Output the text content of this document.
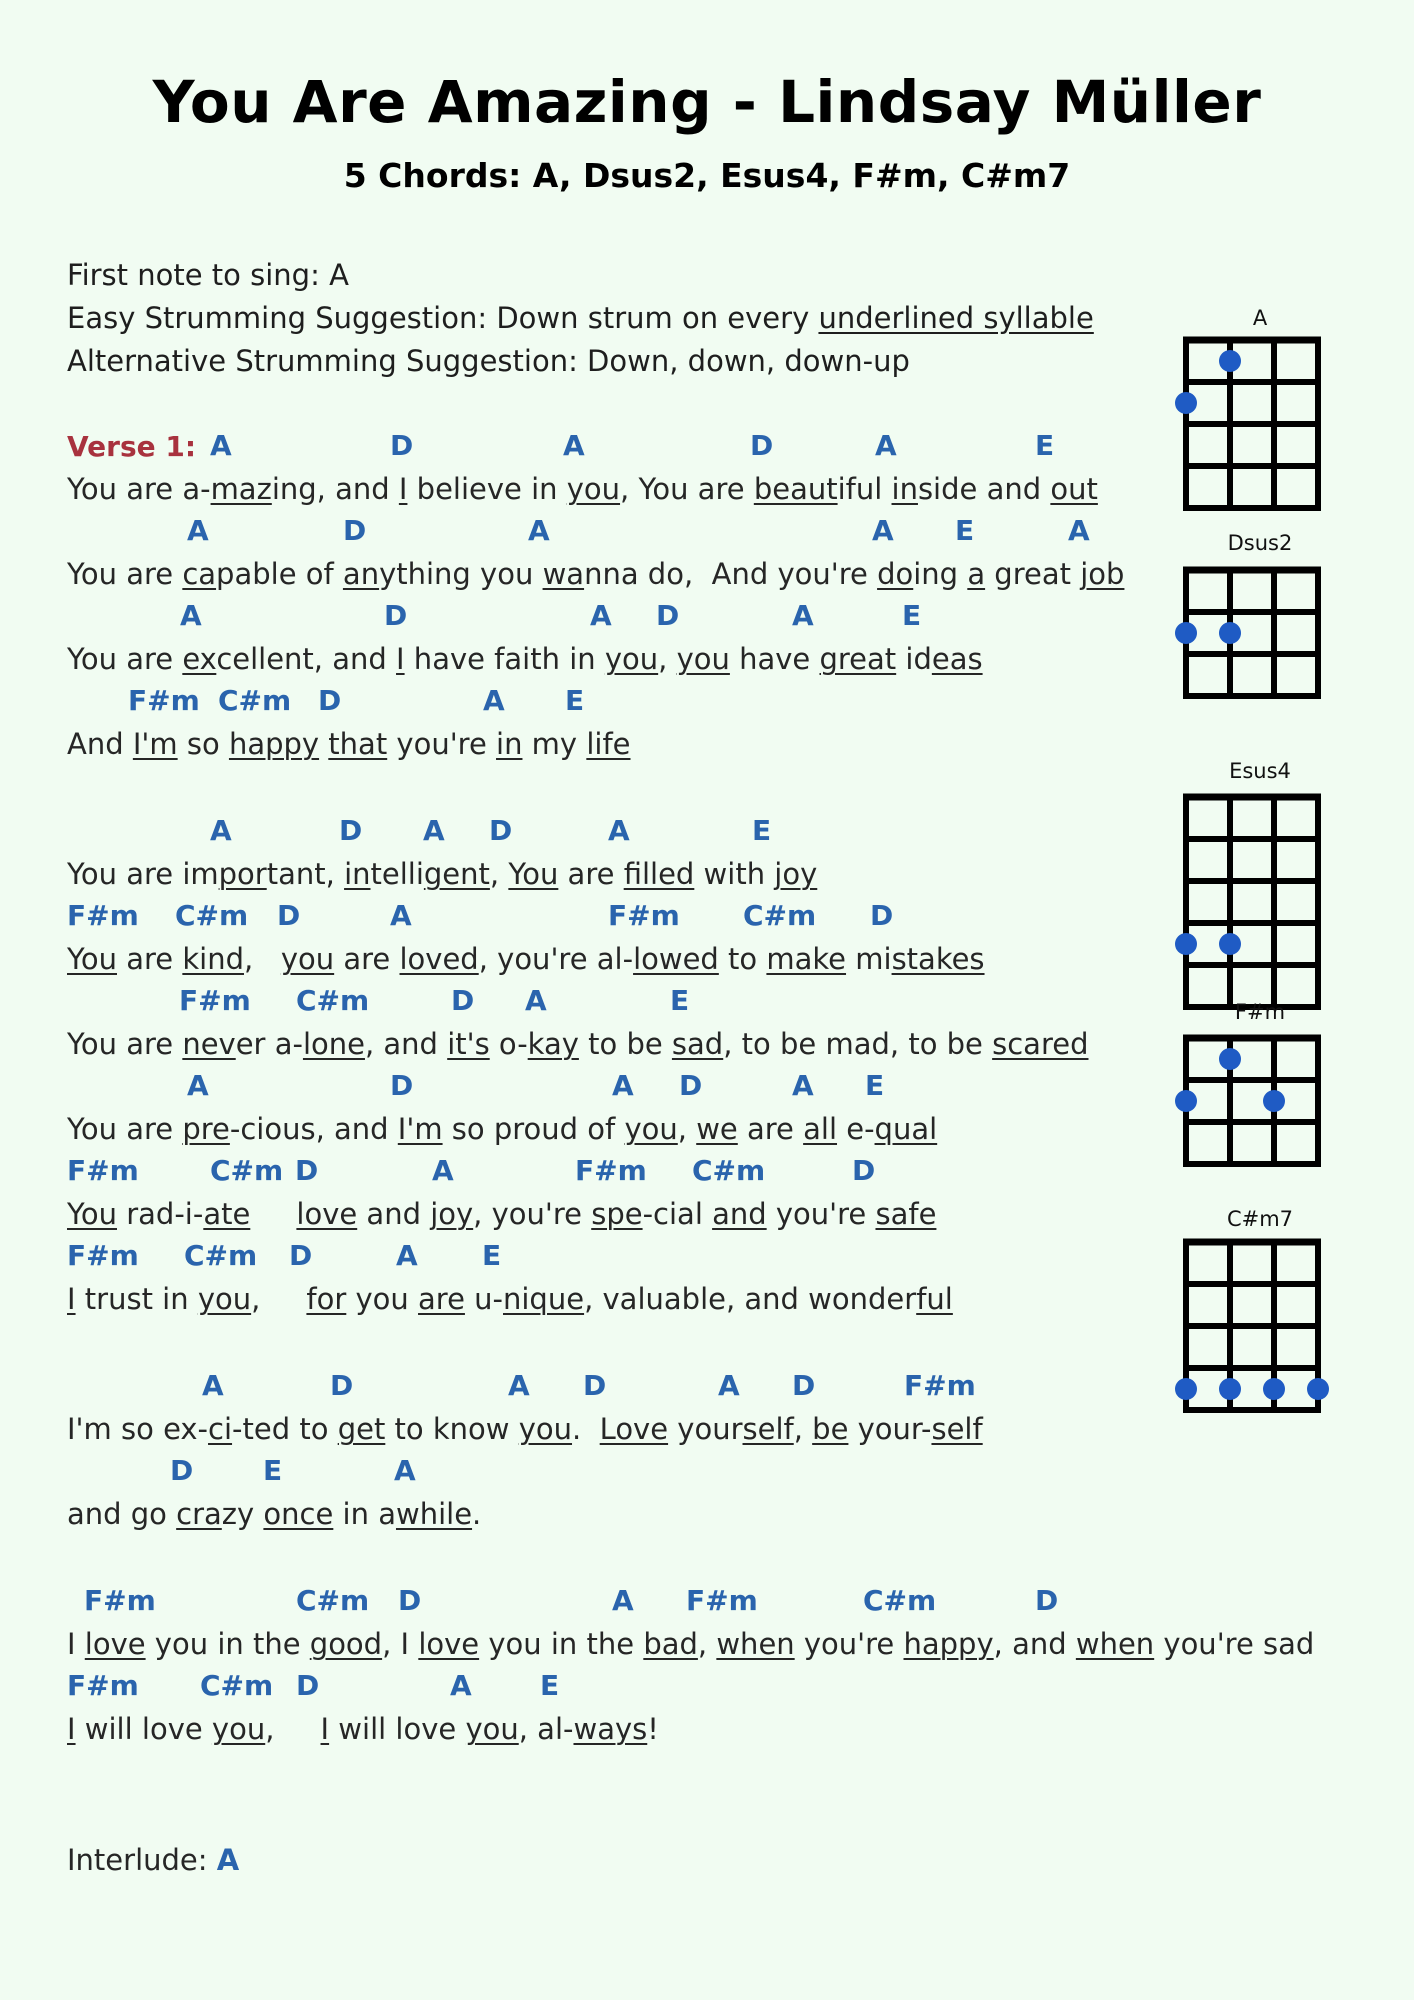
You Are Amazing - Lindsay Müller
5 Chords: A, Dsus2, Esus4, F#m, C#m7
First note to sing: A
Easy Strumming Suggestion: Down strum on every underlined syllable
Alternative Strumming Suggestion: Down, down, down-up
Verse 1: A	D	A	D	A	E
You are a-mazing, and I believe in you, You are beautiful inside and out
A	D	A	A E	A
You are capable of anything you wanna do,  And you're doing a great job
A	D	A D	A	E
You are excellent, and I have faith in you, you have great ideas
F#m C#m D	A E
And I'm so happy that you're in my life
A	D A D	A	E
You are important, intelligent, You are filled with joy
F#m C#m D	A	F#m C#m D
You are kind,   you are loved, you're al-lowed to make mistakes
F#m C#m	D A	E
You are never a-lone, and it's o-kay to be sad, to be mad, to be scared
A	D	A D	A E
You are pre-cious, and I'm so proud of you, we are all e-qual
F#m	C#m D	A	F#m C#m	D
You rad-i-ate love and joy, you're spe-cial and you're safe
F#m C#m D	A E
I trust in you,     for you are u-nique, valuable, and wonderful
A	D	A D	A D	F#m
I'm so ex-ci-ted to get to know you.  Love yourself, be your-self
D E	A
and go crazy once in awhile.
F#m	C#m D	A F#m	C#m	D
I love you in the good, I love you in the bad, when you're happy, and when you're sad
F#m C#m D	A E
I will love you,     I will love you, al-ways!
Interlude: A
A
Dsus2
Esus4
F#m
C#m7
